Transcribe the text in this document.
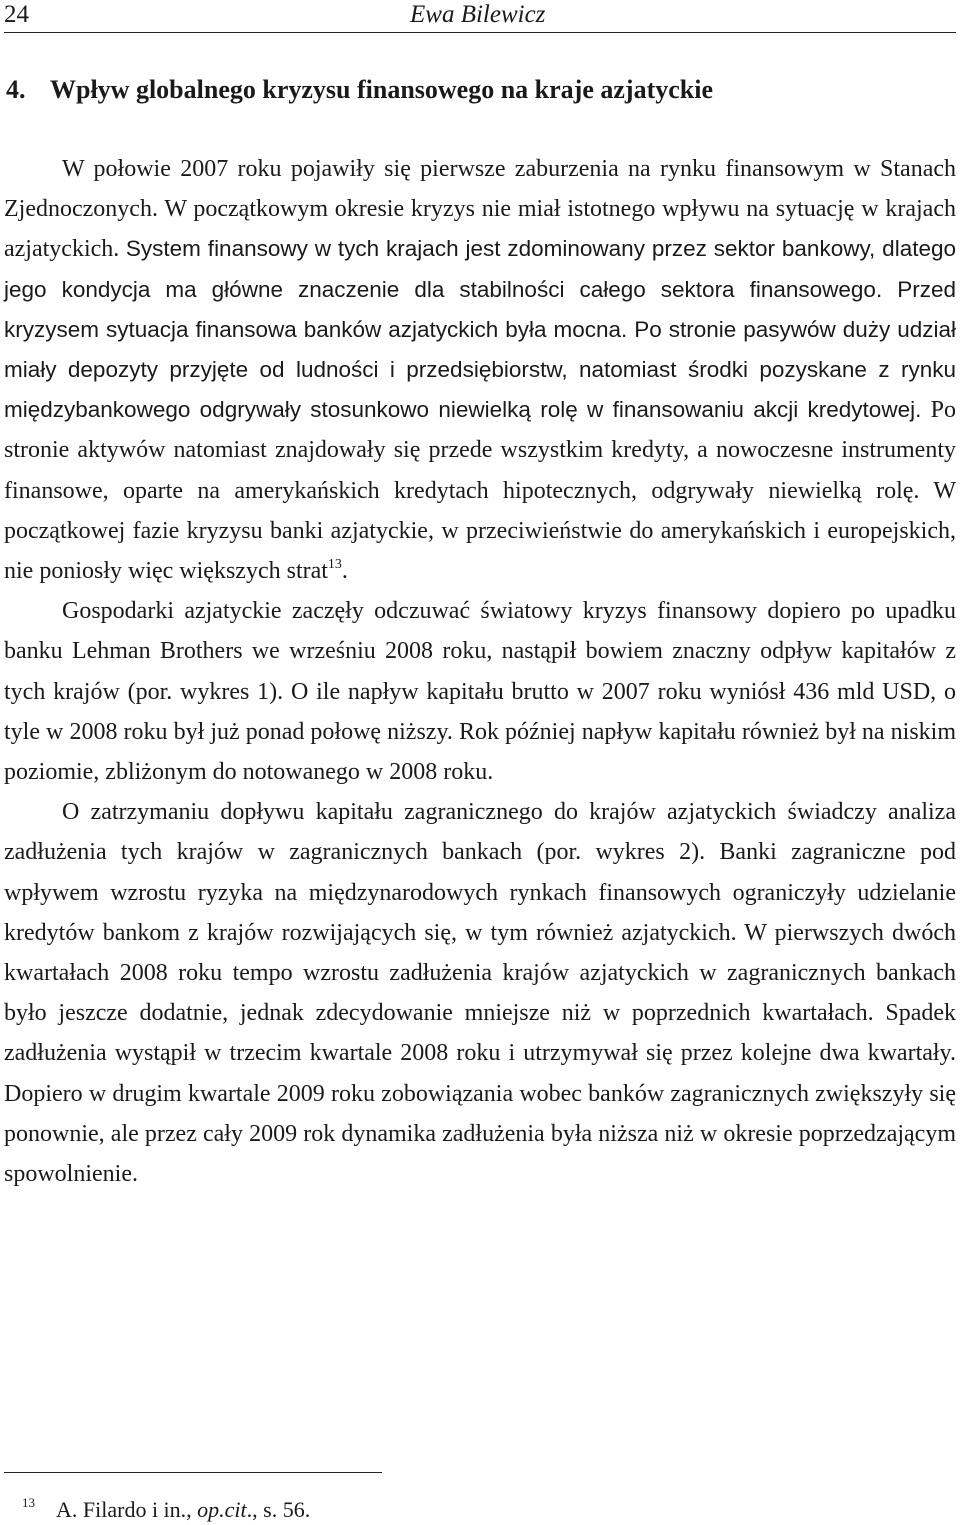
24	Ewa Bilewicz
4. Wpływ globalnego kryzysu finansowego na kraje azjatyckie

W połowie 2007 roku pojawiły się pierwsze zaburzenia na rynku finansowym w Stanach Zjednoczonych. W początkowym okresie kryzys nie miał istotnego wpływu na sytuację w krajach azjatyckich. System finansowy w tych krajach jest zdominowany przez sektor bankowy, dlatego jego kondycja ma główne znaczenie dla stabilności całego sektora finansowego. Przed kryzysem sytuacja finansowa banków azjatyckich była mocna. Po stronie pasywów duży udział miały depozyty przyjęte od ludności i przedsiębiorstw, natomiast środki pozyskane z rynku międzybankowego odgrywały stosunkowo niewielką rolę w finansowaniu akcji kredytowej. Po stronie aktywów natomiast znajdowały się przede wszystkim kredyty, a nowoczesne instrumenty finansowe, oparte na amerykańskich kredytach hipotecznych, odgrywały niewielką rolę. W początkowej fazie kryzysu banki azjatyckie, w przeciwieństwie do amerykańskich i europejskich, nie poniosły więc większych strat$^{13}$.

Gospodarki azjatyckie zaczęły odczuwać światowy kryzys finansowy dopiero po upadku banku Lehman Brothers we wrześniu 2008 roku, nastąpił bowiem znaczny odpływ kapitałów z tych krajów (por. wykres 1). O ile napływ kapitału brutto w 2007 roku wyniósł 436 mld USD, o tyle w 2008 roku był już ponad połowę niższy. Rok później napływ kapitału również był na niskim poziomie, zbliżonym do notowanego w 2008 roku.

O zatrzymaniu dopływu kapitału zagranicznego do krajów azjatyckich świadczy analiza zadłużenia tych krajów w zagranicznych bankach (por. wykres 2). Banki zagraniczne pod wpływem wzrostu ryzyka na międzynarodowych rynkach finansowych ograniczyły udzielanie kredytów bankom z krajów rozwijających się, w tym również azjatyckich. W pierwszych dwóch kwartałach 2008 roku tempo wzrostu zadłużenia krajów azjatyckich w zagranicznych bankach było jeszcze dodatnie, jednak zdecydowanie mniejsze niż w poprzednich kwartałach. Spadek zadłużenia wystąpił w trzecim kwartale 2008 roku i utrzymywał się przez kolejne dwa kwartały. Dopiero w drugim kwartale 2009 roku zobowiązania wobec banków zagranicznych zwiększyły się ponownie, ale przez cały 2009 rok dynamika zadłużenia była niższa niż w okresie poprzedzającym spowolnienie.

13 A. Filardo i in., op.cit., s. 56.
